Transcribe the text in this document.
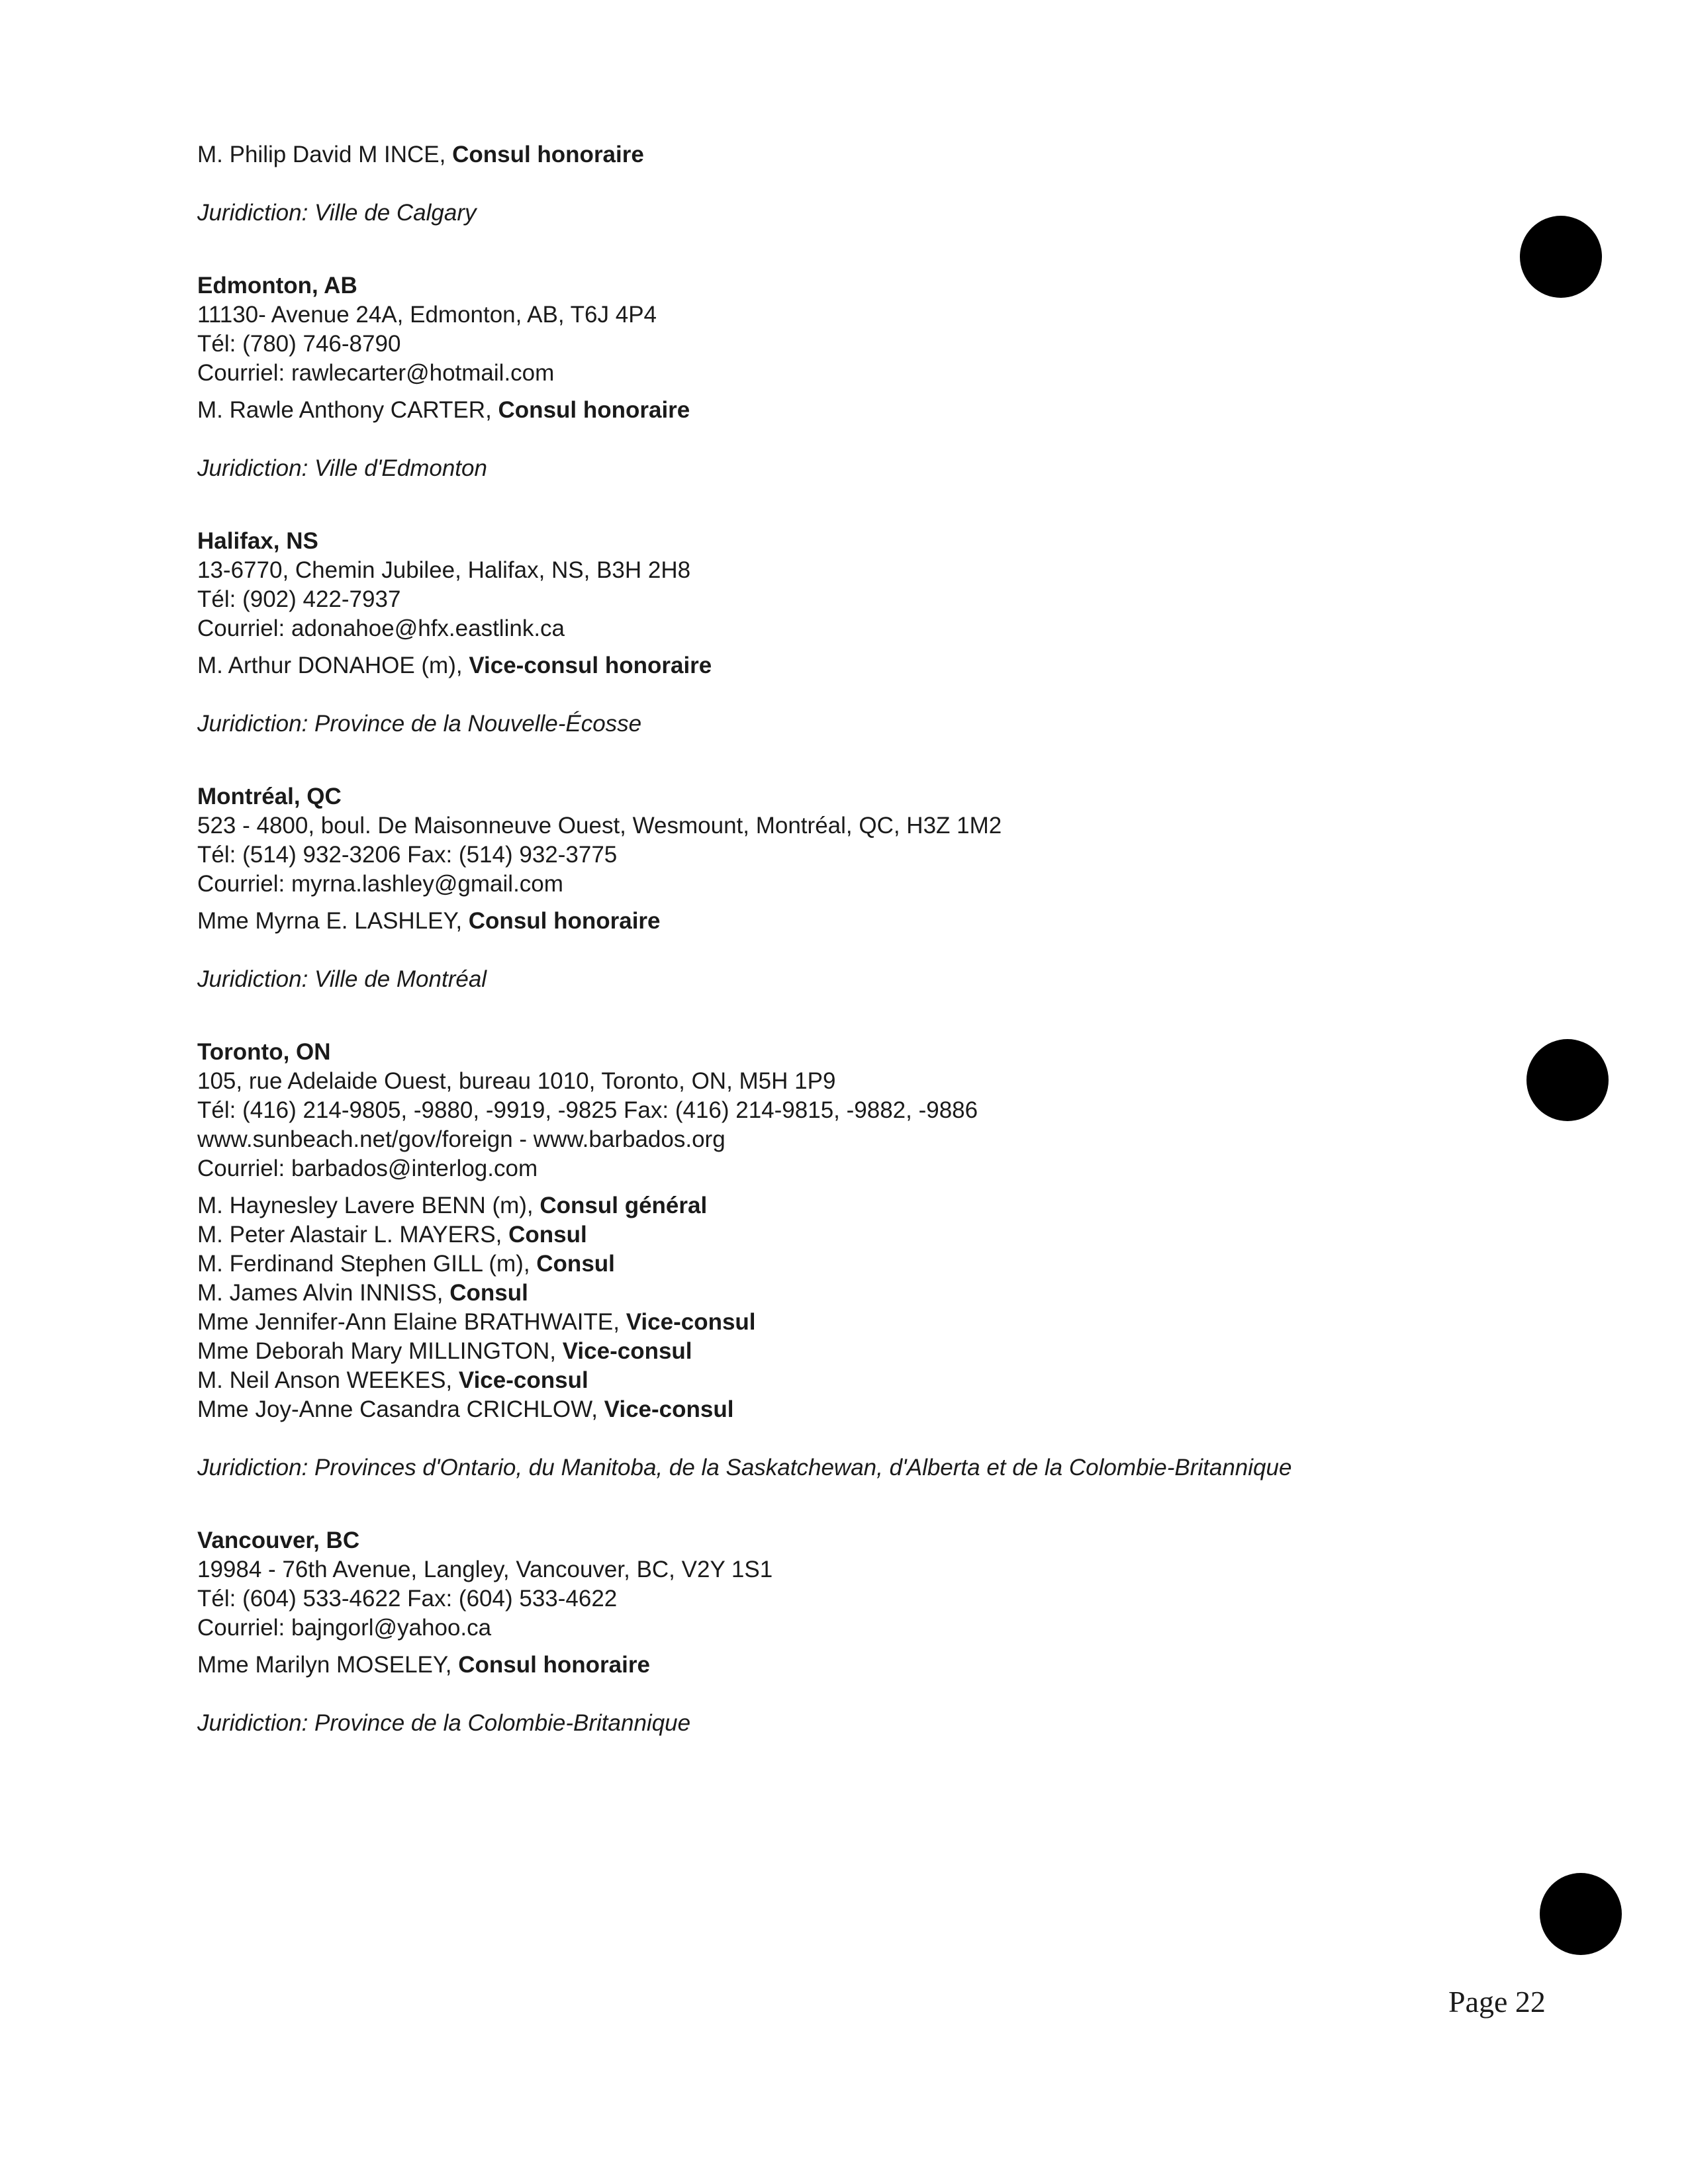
M. Philip David M INCE, Consul honoraire
Juridiction: Ville de Calgary
Edmonton, AB
11130- Avenue 24A, Edmonton, AB, T6J 4P4
Tél: (780) 746-8790
Courriel: rawlecarter@hotmail.com
M. Rawle Anthony CARTER, Consul honoraire
Juridiction: Ville d'Edmonton
Halifax, NS
13-6770, Chemin Jubilee, Halifax, NS, B3H 2H8
Tél: (902) 422-7937
Courriel: adonahoe@hfx.eastlink.ca
M. Arthur DONAHOE (m), Vice-consul honoraire
Juridiction: Province de la Nouvelle-Écosse
Montréal, QC
523 - 4800, boul. De Maisonneuve Ouest, Wesmount, Montréal, QC, H3Z 1M2
Tél: (514) 932-3206 Fax: (514) 932-3775
Courriel: myrna.lashley@gmail.com
Mme Myrna E. LASHLEY, Consul honoraire
Juridiction: Ville de Montréal
Toronto, ON
105, rue Adelaide Ouest, bureau 1010, Toronto, ON, M5H 1P9
Tél: (416) 214-9805, -9880, -9919, -9825 Fax: (416) 214-9815, -9882, -9886
www.sunbeach.net/gov/foreign - www.barbados.org
Courriel: barbados@interlog.com
M. Haynesley Lavere BENN (m), Consul général
M. Peter Alastair L. MAYERS, Consul
M. Ferdinand Stephen GILL (m), Consul
M. James Alvin INNISS, Consul
Mme Jennifer-Ann Elaine BRATHWAITE, Vice-consul
Mme Deborah Mary MILLINGTON, Vice-consul
M. Neil Anson WEEKES, Vice-consul
Mme Joy-Anne Casandra CRICHLOW, Vice-consul
Juridiction: Provinces d'Ontario, du Manitoba, de la Saskatchewan, d'Alberta et de la Colombie-Britannique
Vancouver, BC
19984 - 76th Avenue, Langley, Vancouver, BC, V2Y 1S1
Tél: (604) 533-4622 Fax: (604) 533-4622
Courriel: bajngorl@yahoo.ca
Mme Marilyn MOSELEY, Consul honoraire
Juridiction: Province de la Colombie-Britannique
Page 22
